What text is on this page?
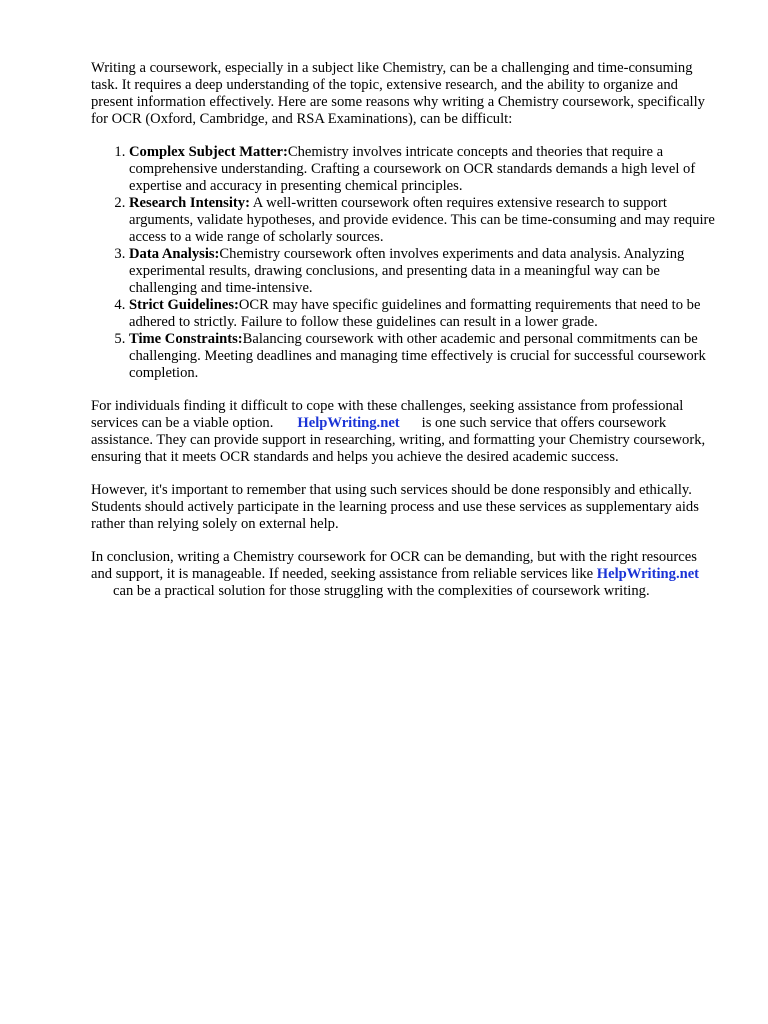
Writing a coursework, especially in a subject like Chemistry, can be a challenging and time-consuming task. It requires a deep understanding of the topic, extensive research, and the ability to organize and present information effectively. Here are some reasons why writing a Chemistry coursework, specifically for OCR (Oxford, Cambridge, and RSA Examinations), can be difficult:

1. Complex Subject Matter:Chemistry involves intricate concepts and theories that require a comprehensive understanding. Crafting a coursework on OCR standards demands a high level of expertise and accuracy in presenting chemical principles.
2. Research Intensity: A well-written coursework often requires extensive research to support arguments, validate hypotheses, and provide evidence. This can be time-consuming and may require access to a wide range of scholarly sources.
3. Data Analysis:Chemistry coursework often involves experiments and data analysis. Analyzing experimental results, drawing conclusions, and presenting data in a meaningful way can be challenging and time-intensive.
4. Strict Guidelines:OCR may have specific guidelines and formatting requirements that need to be adhered to strictly. Failure to follow these guidelines can result in a lower grade.
5. Time Constraints:Balancing coursework with other academic and personal commitments can be challenging. Meeting deadlines and managing time effectively is crucial for successful coursework completion.

For individuals finding it difficult to cope with these challenges, seeking assistance from professional services can be a viable option. HelpWriting.net is one such service that offers coursework assistance. They can provide support in researching, writing, and formatting your Chemistry coursework, ensuring that it meets OCR standards and helps you achieve the desired academic success.

However, it's important to remember that using such services should be done responsibly and ethically. Students should actively participate in the learning process and use these services as supplementary aids rather than relying solely on external help.

In conclusion, writing a Chemistry coursework for OCR can be demanding, but with the right resources and support, it is manageable. If needed, seeking assistance from reliable services like HelpWriting.netcan be a practical solution for those struggling with the complexities of coursework writing.
